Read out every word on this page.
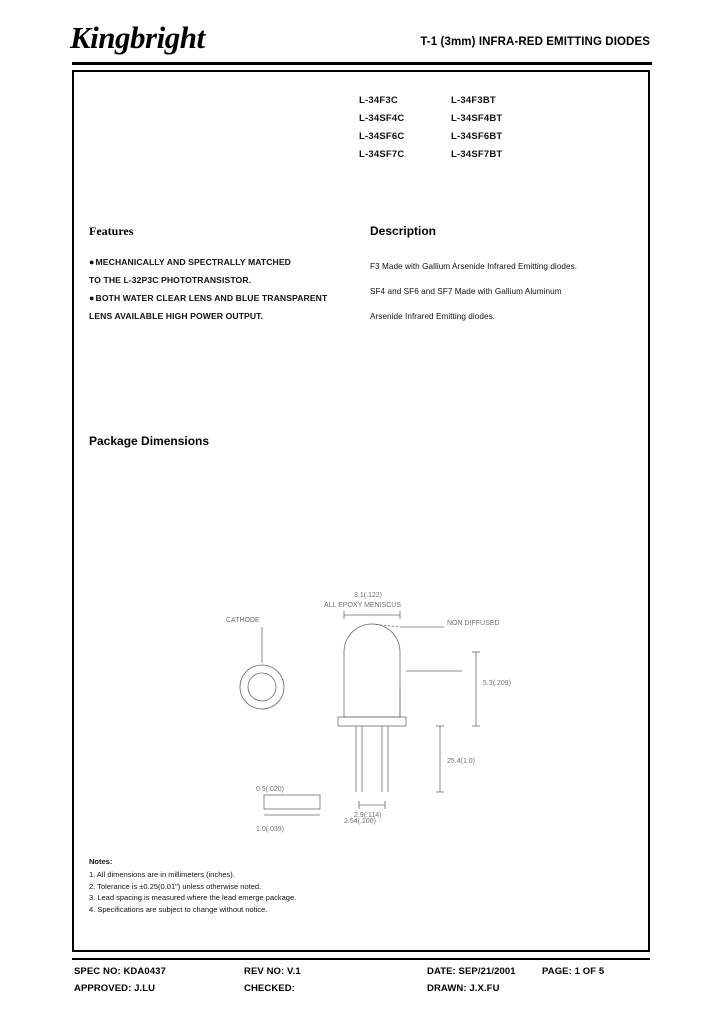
Kingbright	T-1 (3mm) INFRA-RED EMITTING DIODES
L-34F3C	L-34F3BT
L-34SF4C	L-34SF4BT
L-34SF6C	L-34SF6BT
L-34SF7C	L-34SF7BT
Features
●MECHANICALLY AND SPECTRALLY MATCHED
TO THE L-32P3C PHOTOTRANSISTOR.
●BOTH WATER CLEAR LENS AND BLUE TRANSPARENT
LENS AVAILABLE HIGH POWER OUTPUT.
Description
F3 Made with Gallium Arsenide Infrared Emitting diodes.
SF4 and SF6 and SF7 Made with Gallium Aluminum
Arsenide Infrared Emitting diodes.
Package Dimensions
ALL EPOXY MENISCUS
NON DIFFUSED
CATHODE
3.1(.122)
2.9(.114)
5.3(.209)
25.4(1.0)
2.54(.100)
1.0(.039)
0.5(.020)
Notes:
1. All dimensions are in millimeters (inches).
2. Tolerance is ±0.25(0.01") unless otherwise noted.
3. Lead spacing is measured where the lead emerge package.
4. Specifications are subject to change without notice.
SPEC NO: KDA0437	REV NO: V.1	DATE: SEP/21/2001	PAGE: 1 OF 5
APPROVED: J.LU	CHECKED:	DRAWN: J.X.FU
